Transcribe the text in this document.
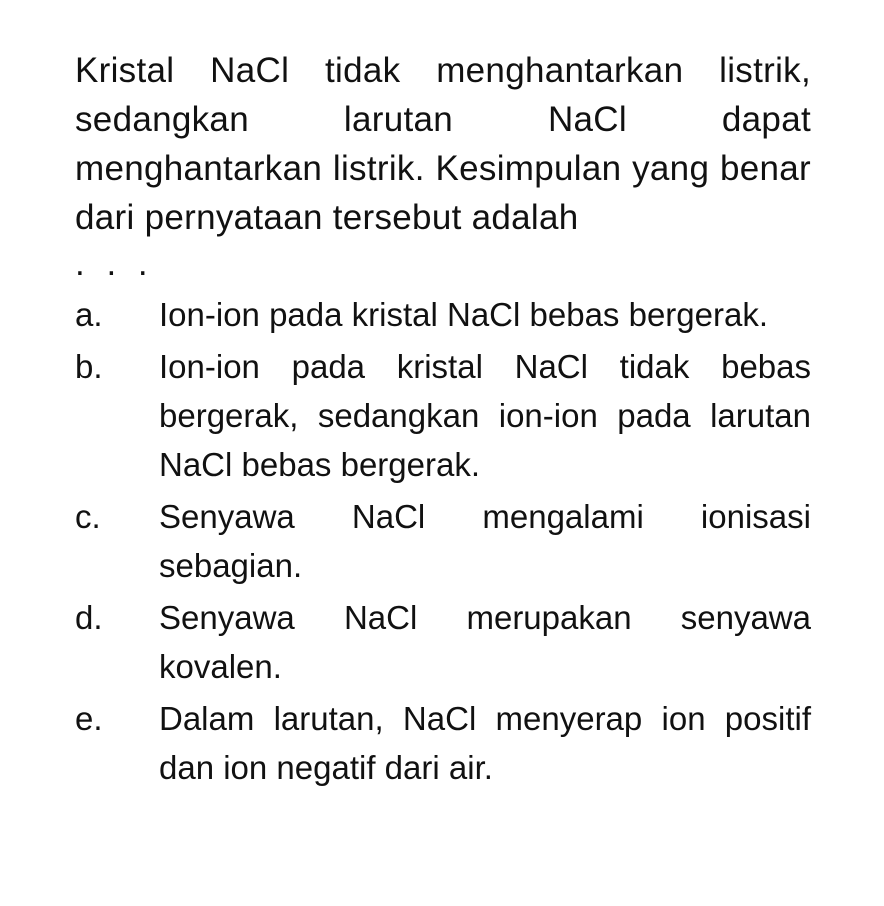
Kristal NaCl tidak menghantarkan listrik, sedangkan larutan NaCl dapat menghantarkan listrik. Kesimpulan yang benar dari pernyataan tersebut adalah

. . .

a.	Ion-ion pada kristal NaCl bebas bergerak.
b.	Ion-ion pada kristal NaCl tidak bebas bergerak, sedangkan ion-ion pada larutan NaCl bebas bergerak.
c.	Senyawa NaCl mengalami ionisasi sebagian.
d.	Senyawa NaCl merupakan senyawa kovalen.
e.	Dalam larutan, NaCl menyerap ion positif dan ion negatif dari air.
